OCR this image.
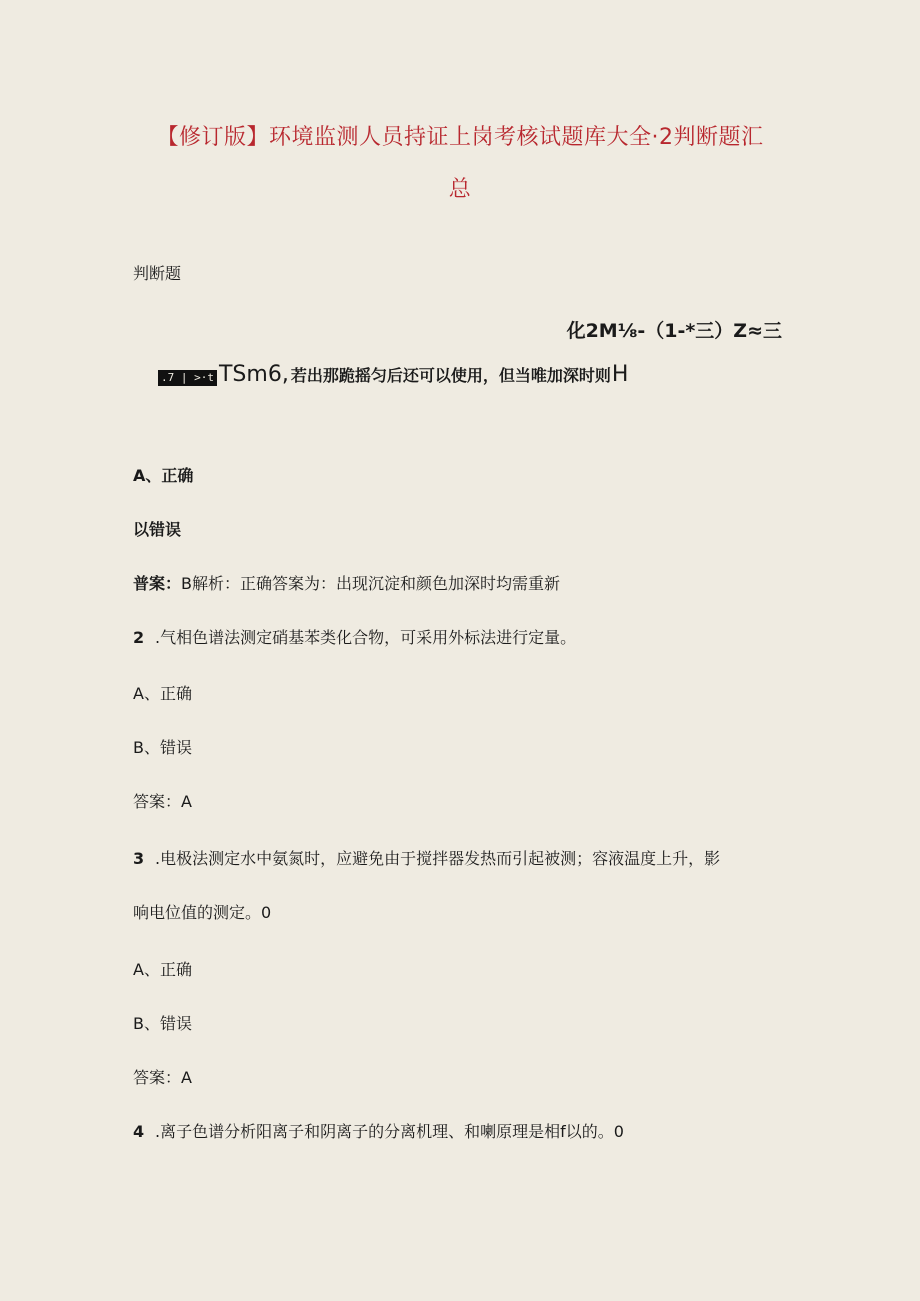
【修订版】环境监测人员持证上岗考核试题库大全·2判断题汇
总
判断题
化2M⅛-（1-*三）Z≈三
.7 | >·t TSm6, 若出那跪摇匀后还可以使用，但当唯加深时则 H
A、正确
以错误
普案：B解析：正确答案为：出现沉淀和颜色加深时均需重新
2 .气相色谱法测定硝基苯类化合物，可采用外标法进行定量。
A、正确
B、错误
答案：A
3 .电极法测定水中氨氮时，应避免由于搅拌器发热而引起被测；容液温度上升，影
响电位值的测定。0
A、正确
B、错误
答案：A
4 .离子色谱分析阳离子和阴离子的分离机理、和喇原理是相f以的。0
